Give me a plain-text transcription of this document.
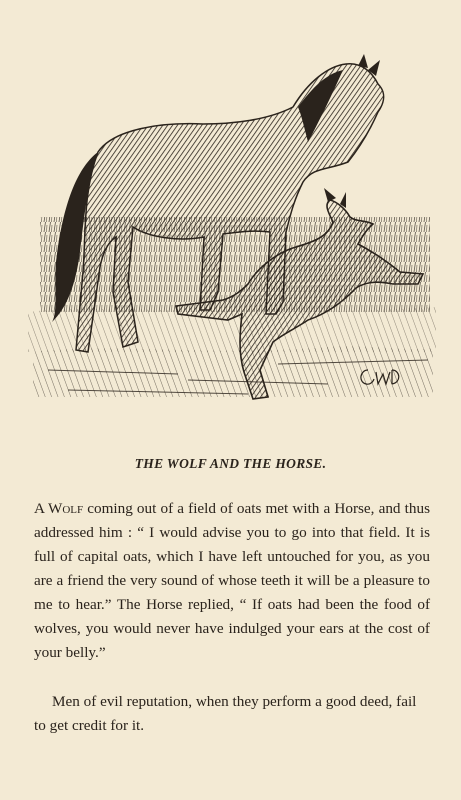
THE WOLF AND THE HORSE.

A Wolf coming out of a field of oats met with a Horse, and thus addressed him : “ I would advise you to go into that field. It is full of capital oats, which I have left untouched for you, as you are a friend the very sound of whose teeth it will be a pleasure to me to hear.” The Horse replied, “ If oats had been the food of wolves, you would never have indulged your ears at the cost of your belly.”

Men of evil reputation, when they perform a good deed, fail to get credit for it.
